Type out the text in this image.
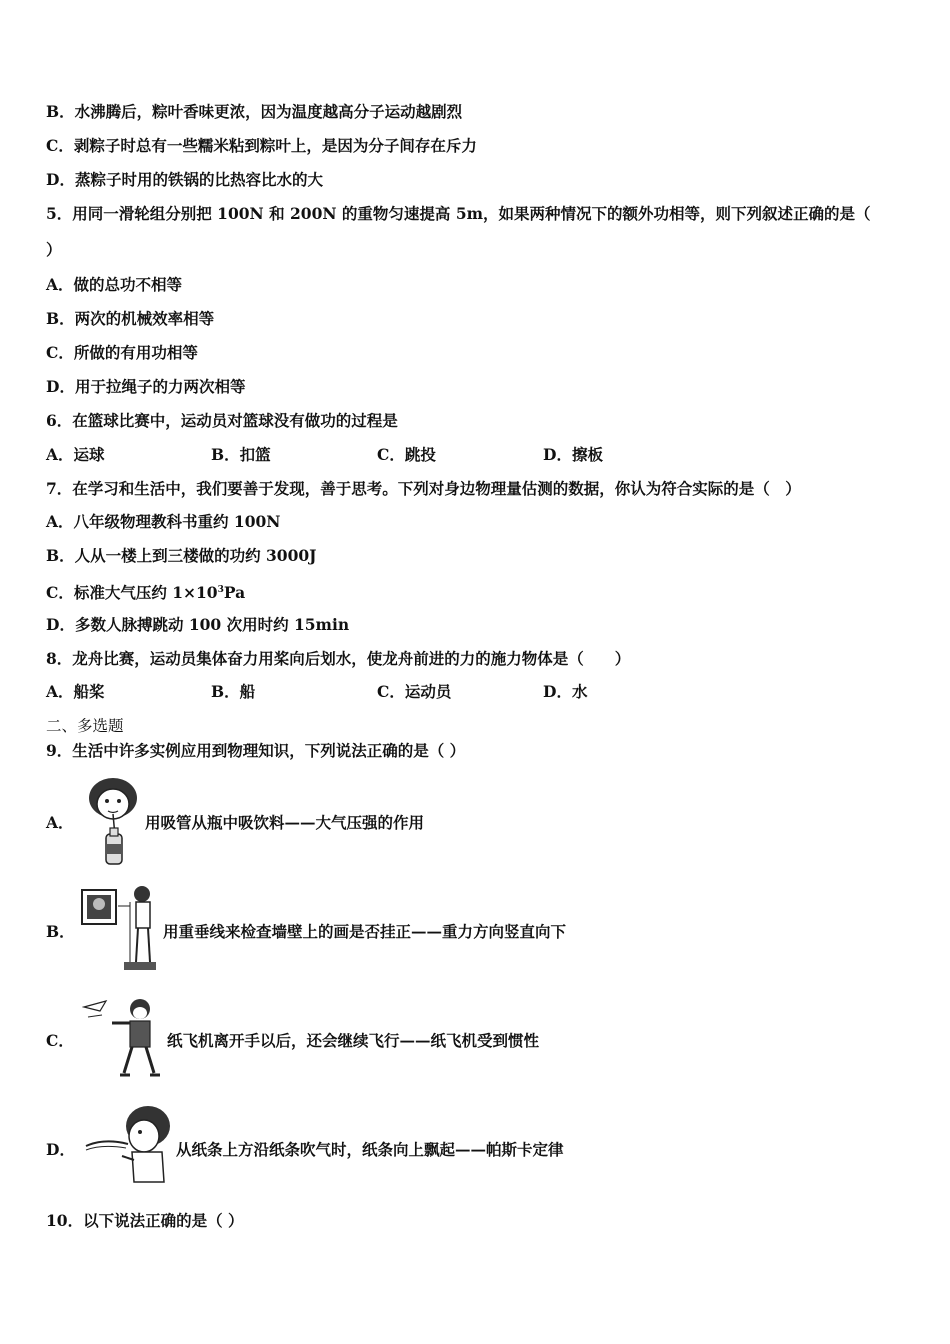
B．水沸腾后，粽叶香味更浓，因为温度越高分子运动越剧烈
C．剥粽子时总有一些糯米粘到粽叶上，是因为分子间存在斥力
D．蒸粽子时用的铁锅的比热容比水的大
5．用同一滑轮组分别把 100N 和 200N 的重物匀速提高 5m，如果两种情况下的额外功相等，则下列叙述正确的是（
）
A．做的总功不相等
B．两次的机械效率相等
C．所做的有用功相等
D．用于拉绳子的力两次相等
6．在篮球比赛中，运动员对篮球没有做功的过程是
A．运球	B．扣篮	C．跳投	D．擦板
7．在学习和生活中，我们要善于发现，善于思考。下列对身边物理量估测的数据，你认为符合实际的是（　）
A．八年级物理教科书重约 100N
B．人从一楼上到三楼做的功约 3000J
C．标准大气压约 $1\times 10^3Pa$
D．多数人脉搏跳动 100 次用时约 15min
8．龙舟比赛，运动员集体奋力用桨向后划水，使龙舟前进的力的施力物体是（　　）
A．船桨	B．船	C．运动员	D．水
二、多选题
9．生活中许多实例应用到物理知识，下列说法正确的是（ ）
A．	用吸管从瓶中吸饮料——大气压强的作用
B．	用重垂线来检查墙壁上的画是否挂正——重力方向竖直向下
C．	纸飞机离开手以后，还会继续飞行——纸飞机受到惯性
D．	从纸条上方沿纸条吹气时，纸条向上飘起——帕斯卡定律
10．以下说法正确的是（ ）
